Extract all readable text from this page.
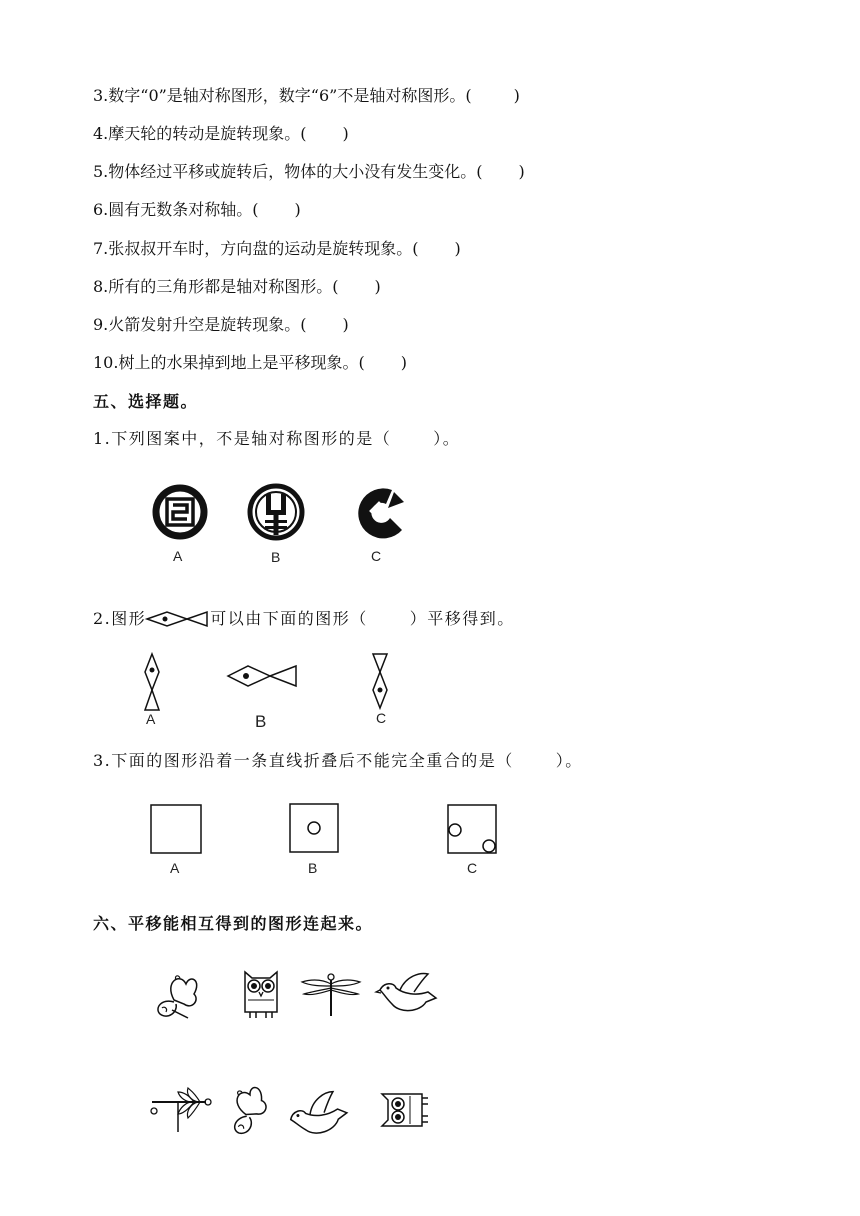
3.数字“0”是轴对称图形，数字“6”不是轴对称图形。(	)
4.摩天轮的转动是旋转现象。( )
5.物体经过平移或旋转后，物体的大小没有发生变化。( )
6.圆有无数条对称轴。( )
7.张叔叔开车时，方向盘的运动是旋转现象。( )
8.所有的三角形都是轴对称图形。( )
9.火箭发射升空是旋转现象。( )
10.树上的水果掉到地上是平移现象。( )
五、选择题。
1.下列图案中，不是轴对称图形的是（	）。
A	B	C
2.图形	可以由下面的图形（	）平移得到。
A	B	C
3.下面的图形沿着一条直线折叠后不能完全重合的是（	）。
A	B	C
六、平移能相互得到的图形连起来。
